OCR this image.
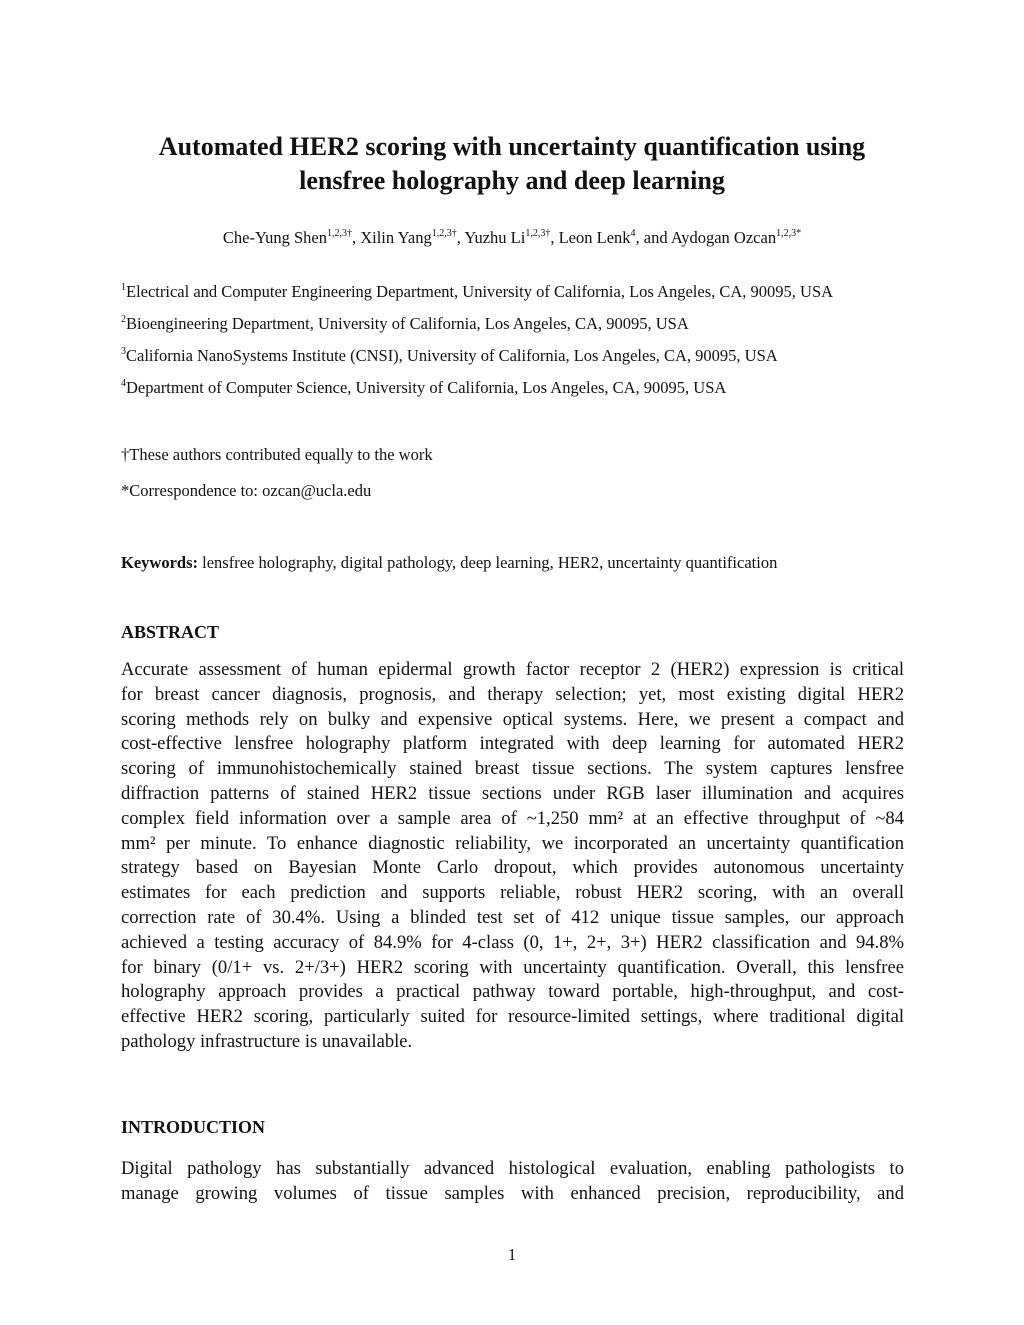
Automated HER2 scoring with uncertainty quantification using
lensfree holography and deep learning
Che-Yung Shen$^{1,2,3\dagger}$, Xilin Yang$^{1,2,3\dagger}$, Yuzhu $Li^{1,2,3\dagger}$, Leon Lenk$^4$, and Aydogan Ozcan$^{1,2,3*}$
$^1$Electrical and Computer Engineering Department, University of California, Los Angeles, CA, 90095, USA
$^2$Bioengineering Department, University of California, Los Angeles, CA, 90095, USA
$^3$California NanoSystems Institute (CNSI), University of California, Los Angeles, CA, 90095, USA
$^4$Department of Computer Science, University of California, Los Angeles, CA, 90095, USA
†These authors contributed equally to the work
*Correspondence to: ozcan@ucla.edu
Keywords: lensfree holography, digital pathology, deep learning, HER2, uncertainty quantification
ABSTRACT

Accurate assessment of human epidermal growth factor receptor 2 (HER2) expression is critical
for breast cancer diagnosis, prognosis, and therapy selection; yet, most existing digital HER2
scoring methods rely on bulky and expensive optical systems. Here, we present a compact and
cost-effective lensfree holography platform integrated with deep learning for automated HER2
scoring of immunohistochemically stained breast tissue sections. The system captures lensfree
diffraction patterns of stained HER2 tissue sections under RGB laser illumination and acquires
complex field information over a sample area of ~1,250 mm² at an effective throughput of ~84
mm² per minute. To enhance diagnostic reliability, we incorporated an uncertainty quantification
strategy based on Bayesian Monte Carlo dropout, which provides autonomous uncertainty
estimates for each prediction and supports reliable, robust HER2 scoring, with an overall
correction rate of 30.4%. Using a blinded test set of 412 unique tissue samples, our approach
achieved a testing accuracy of 84.9% for 4-class (0, 1+, 2+, 3+) HER2 classification and 94.8%
for binary (0/1+ vs. 2+/3+) HER2 scoring with uncertainty quantification. Overall, this lensfree
holography approach provides a practical pathway toward portable, high-throughput, and cost-
effective HER2 scoring, particularly suited for resource-limited settings, where traditional digital
pathology infrastructure is unavailable.

INTRODUCTION

Digital pathology has substantially advanced histological evaluation, enabling pathologists to
manage growing volumes of tissue samples with enhanced precision, reproducibility, and

1
